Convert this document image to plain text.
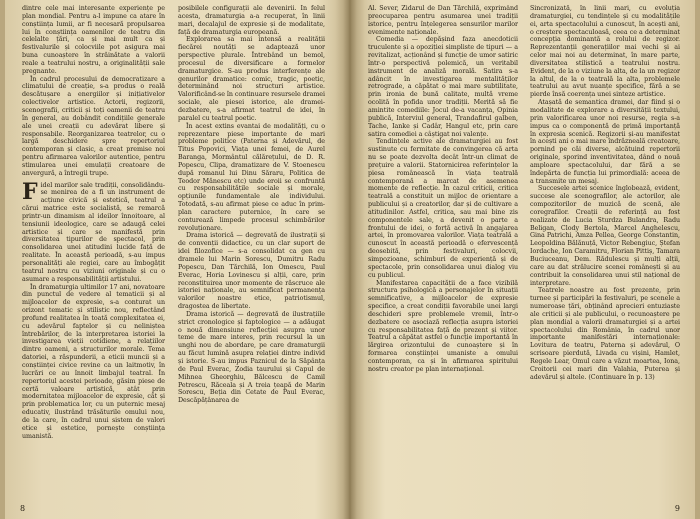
dintre cele mai interesante experiențe pe plan mondial. Pentru a-l impune ca atare în conștiința lumii, ar fi necesară propulsarea lui în conștiința oamenilor de teatru din celelalte țări, ca și mai mult ca și festivalurile și colocviile pot asigura mai buna cunoaștere în străinătate a valorii reale a teatrului nostru, a originalității sale pregnante.

În cadrul procesului de democratizare a climatului de creație, s-a produs o reală descătușare a energiilor și inițiativelor colectivelor artistice. Actorii, regizorii, scenografii, criticii și toți oamenii de teatru în general, au dobândit condițiile generale ale unei creații cu adevărat libere și responsabile. Reorganizarea teatrelor, cu o largă deschidere spre repertoriul contemporan și clasic, a creat premise noi pentru afirmarea valorilor autentice, pentru stimularea unei emulații creatoare de anvergură, a întregii trupe.

Fidel marilor sale tradiții, consolidându-se menirea de a fi un instrument de acțiune civică și estetică, teatrul a cărui matrice este socialistă, se remarcă printr-un dinamism al ideilor înnoitoare, al tensiunii ideologice, care se adaugă celei artistice și care se manifestă prin diversitatea tipurilor de spectacol, prin consolidarea unei atitudini lucide față de realitate. În această perioadă, s-au impus personalități ale regiei, care au îmbogățit teatrul nostru cu viziuni originale și cu o asumare a responsabilității artistului.

În dramaturgia ultimilor 17 ani, novatoare din punctul de vedere al tematicii și al mijloacelor de expresie, s-a conturat un orizont tematic și stilistic nou, reflectând profund realitatea în toată complexitatea ei, cu adevărul faptelor și cu neliniștea întrebărilor, de la interpretarea istoriei la investigarea vieții cotidiene, a relațiilor dintre oameni, a structurilor morale. Tema datoriei, a răspunderii, a eticii muncii și a conștiinței civice revine ca un laitmotiv, în lucrări ce au înnoit limbajul teatral. În repertoriul acestei perioade, găsim piese de certă valoare artistică, atât prin modernitatea mijloacelor de expresie, cât și prin problematica lor, cu un puternic mesaj educativ, ilustrând trăsăturile omului nou, de la care, în cadrul unui sistem de valori etice și estetice, pornește conștiința umanistă.

posibilele configurații ale devenirii. În felul acesta, dramaturgia a-a recuperat, în linii mari, decalajul de expresie și de modalitate, față de dramaturgia europeană.

Explorarea sa mai intensă a realității fiecărei noutăți se adaptează unor perspective plurale. Întrebând un bemol, procesul de diversificare a formelor dramaturgice. S-au produs interferențe ale genurilor dramatice: comic, tragic, poetic, determinând noi structuri artistice. Valorificând-se în continuare resursele dramei sociale, ale piesei istorice, ale dramei-dezbatere, s-a afirmat teatrul de idei, în paralel cu teatrul poetic.

În acest extins evantai de modalități, cu o reprezentare piese importante de mari probleme politice (Paterna și Adevărul, de Titus Popovici, Viața unei femei, de Aurel Baranga, Mormântul călărețului, de D. R. Popescu, Clipa, dramatizare de V. Stoenescu după romanul lui Dinu Săraru, Politica de Teodor Mănescu etc) unde eroii se confruntă cu responsabilitățile sociale și morale, opțiunile fundamentale ale individului. Totodată, s-au afirmat piese ce aduc în prim-plan caractere puternice, în care se conturează limpede procesul schimbărilor revoluționare.

Drama istorică — degrevată de ilustrații și de convenții didactice, cu un clar suport de idei filozofice — s-a consolidat ca gen cu dramele lui Marin Sorescu, Dumitru Radu Popescu, Dan Tărchilă, Ion Omescu, Paul Everac, Horia Lovinescu și alții, care, prin reconstituirea unor momente de răscruce ale istoriei naționale, au semnificat permanența valorilor noastre etice, patriotismul, dragostea de libertate.

Drama istorică — degrevată de ilustrațiile strict cronologice și faptologice — a adăugat o nouă dimensiune reflecției asupra unor teme de mare interes, prin recursul la un unghi nou de abordare, pe care dramaturgii au făcut lumină asupra relației dintre individ și istorie. S-au impus Paznicul de la Săpânța de Paul Everac, Zodia taurului și Capul de Mihnea Gheorghiu, Bălcescu de Camil Petrescu, Răceala și A treia țeapă de Marin Sorescu, Beția din Cetate de Paul Everac, Descăpățânarea de

8

Al. Sever, Zidarul de Dan Tărchilă, exprimând preocuparea pentru asumarea unei tradiții istorice, pentru înțelegerea sensurilor marilor evenimente naționale.

Comedia — depășind faza anecdoticii truculente și a opoziției simpliste de tipuri — a revitalizat, acționând și funcție de umor satiric într-o perspectivă polemică, un veritabil instrument de analiză morală. Satira s-a adâncit în investigarea mentalităților retrograde, a căpătat o mai mare subtilitate, prin ironia de bună calitate, multă vreme ocolită în pofida unor tradiții. Merită să fie amintite comediile: Jocul de-a vacanța, Opinia publică, Interviul general, Trandafirul galben, Tache, Ianke și Cadâr, Hangul etc, prin care satira comediei a câștigat noi valențe.

Tendințele active ale dramaturgiei au fost sustinute cu fermitate de convingerea că arta nu se poate dezvolta decât într-un climat de prețuire a valorii. Statornicirea referințelor la piesa românească în viața teatrală contemporană a marcat de asemenea momente de reflecție. În cazul criticii, critica teatrală a constituit un mijloc de orientare a publicului și a creatorilor, dar și de cultivare a atitudinilor. Astfel, critica, sau mai bine zis componentele sale, a devenit o parte a frontului de idei, o forță activă în angajarea artei, în promovarea valorilor. Viața teatrală a cunoscut în această perioadă o efervescență deosebită, prin festivaluri, colocvii, simpozioane, schimburi de experiență și de spectacole, prin consolidarea unui dialog viu cu publicul.

Manifestarea capacității de a face vizibilă structura psihologică a personajelor în situații semnificative, a mijloacelor de expresie specifice, a creat condiții favorabile unei largi deschideri spre problemele vremii, într-o dezbatere ce asociază reflecția asupra istoriei cu responsabilitatea față de prezent și viitor. Teatrul a căpătat astfel o funcție importantă în lărgirea orizontului de cunoaștere și în formarea conștiinței umaniste a omului contemporan, ca și în afirmarea spiritului nostru creator pe plan internațional.

Sincronizată, în linii mari, cu evoluția dramaturgiei, cu tendințele și cu modalitățile ei, arta spectacolului a cunoscut, în acești ani, o creștere spectaculoasă, ceea ce a determinat concepția dominantă a rolului de regizor. Reprezentanții generațiilor mai vechi și ai celor mai noi au determinat, în mare parte, diversitatea stilistică a teatrului nostru. Evident, de la o viziune la alta, de la un regizor la altul, de la o teatrală la alta, problemele teatrului au avut nuanțe specifice, fără a se pierde însă coerența unei sinteze artistice.

Atașată de semantica dramei, dar fiind și o modalitate de explorare a diversității textului, prin valorificarea unor noi resurse, regia s-a impus ca o componentă de primă importanță în expresia scenică. Regizorii și-au manifestat în acești ani o mai mare îndrăzneală creatoare, pornind pe căi diverse, alcătuind repertorii originale, sporind inventivitatea, dând o nouă amploare spectacolului, dar fără a se îndepărta de funcția lui primordială: aceea de a transmite un mesaj.

Succesele artei scenice înglobează, evident, succese ale scenografilor, ale actorilor, ale compozitorilor de muzică de scenă, ale coregrafilor. Creații de referință au fost realizate de Lucia Sturdza Bulandra, Radu Beligan, Clody Bertola, Marcel Anghelescu, Gina Patrichi, Amza Pellea, George Constantin, Leopoldina Bălănuță, Victor Rebengiuc, Ștefan Iordache, Ion Caramitru, Florian Pittiș, Tamara Buciuceanu, Dem. Rădulescu și mulți alții, care au dat strălucire scenei românești și au contribuit la consolidarea unui stil național de interpretare.

Teatrele noastre au fost prezente, prin turnee și participări la festivaluri, pe scenele a numeroase țări, obținând aprecieri entuziaste ale criticii și ale publicului, o recunoaștere pe plan mondial a valorii dramaturgiei și a artei spectacolului din România, în cadrul unor importante manifestări internaționale: Lovitura de teatru, Paterna și adevărul, O scrisoare pierdută, Livada cu vișini, Hamlet, Regele Lear, Omul care a văzut moartea, Iona, Croitorii cei mari din Valahia, Puterea și adevărul și altele. (Continuare în p. 13)

9
